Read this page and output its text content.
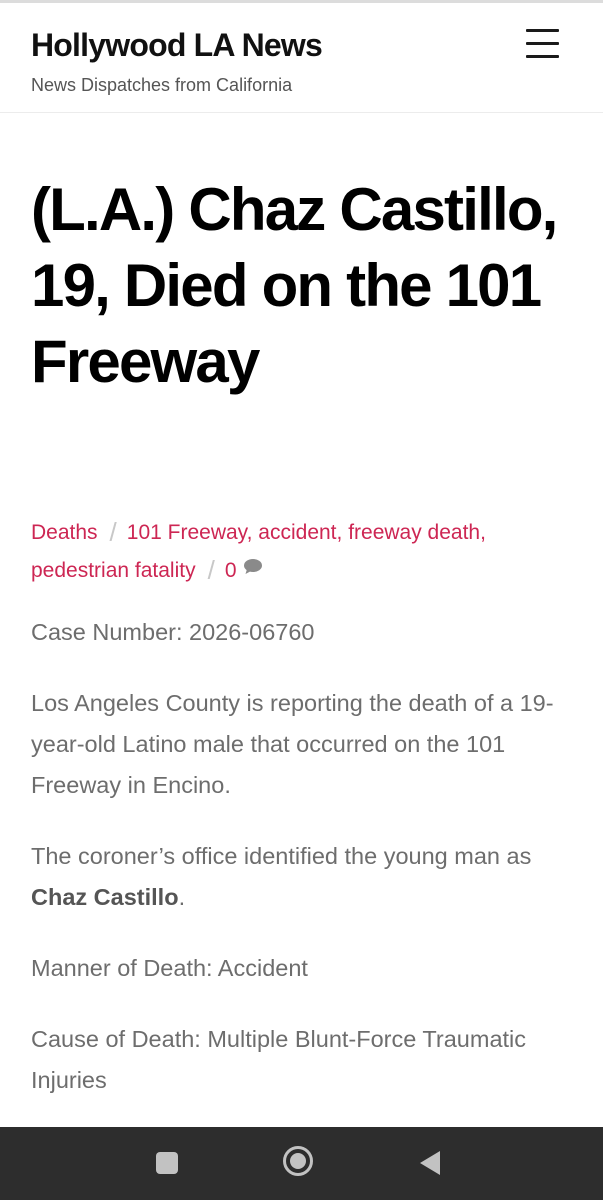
Hollywood LA News
News Dispatches from California
(L.A.) Chaz Castillo, 19, Died on the 101 Freeway
Deaths / 101 Freeway, accident, freeway death,
pedestrian fatality / 0

Case Number: 2026-06760

Los Angeles County is reporting the death of a 19-year-old Latino male that occurred on the 101 Freeway in Encino.

The coroner’s office identified the young man as Chaz Castillo.

Manner of Death: Accident

Cause of Death: Multiple Blunt-Force Traumatic Injuries
